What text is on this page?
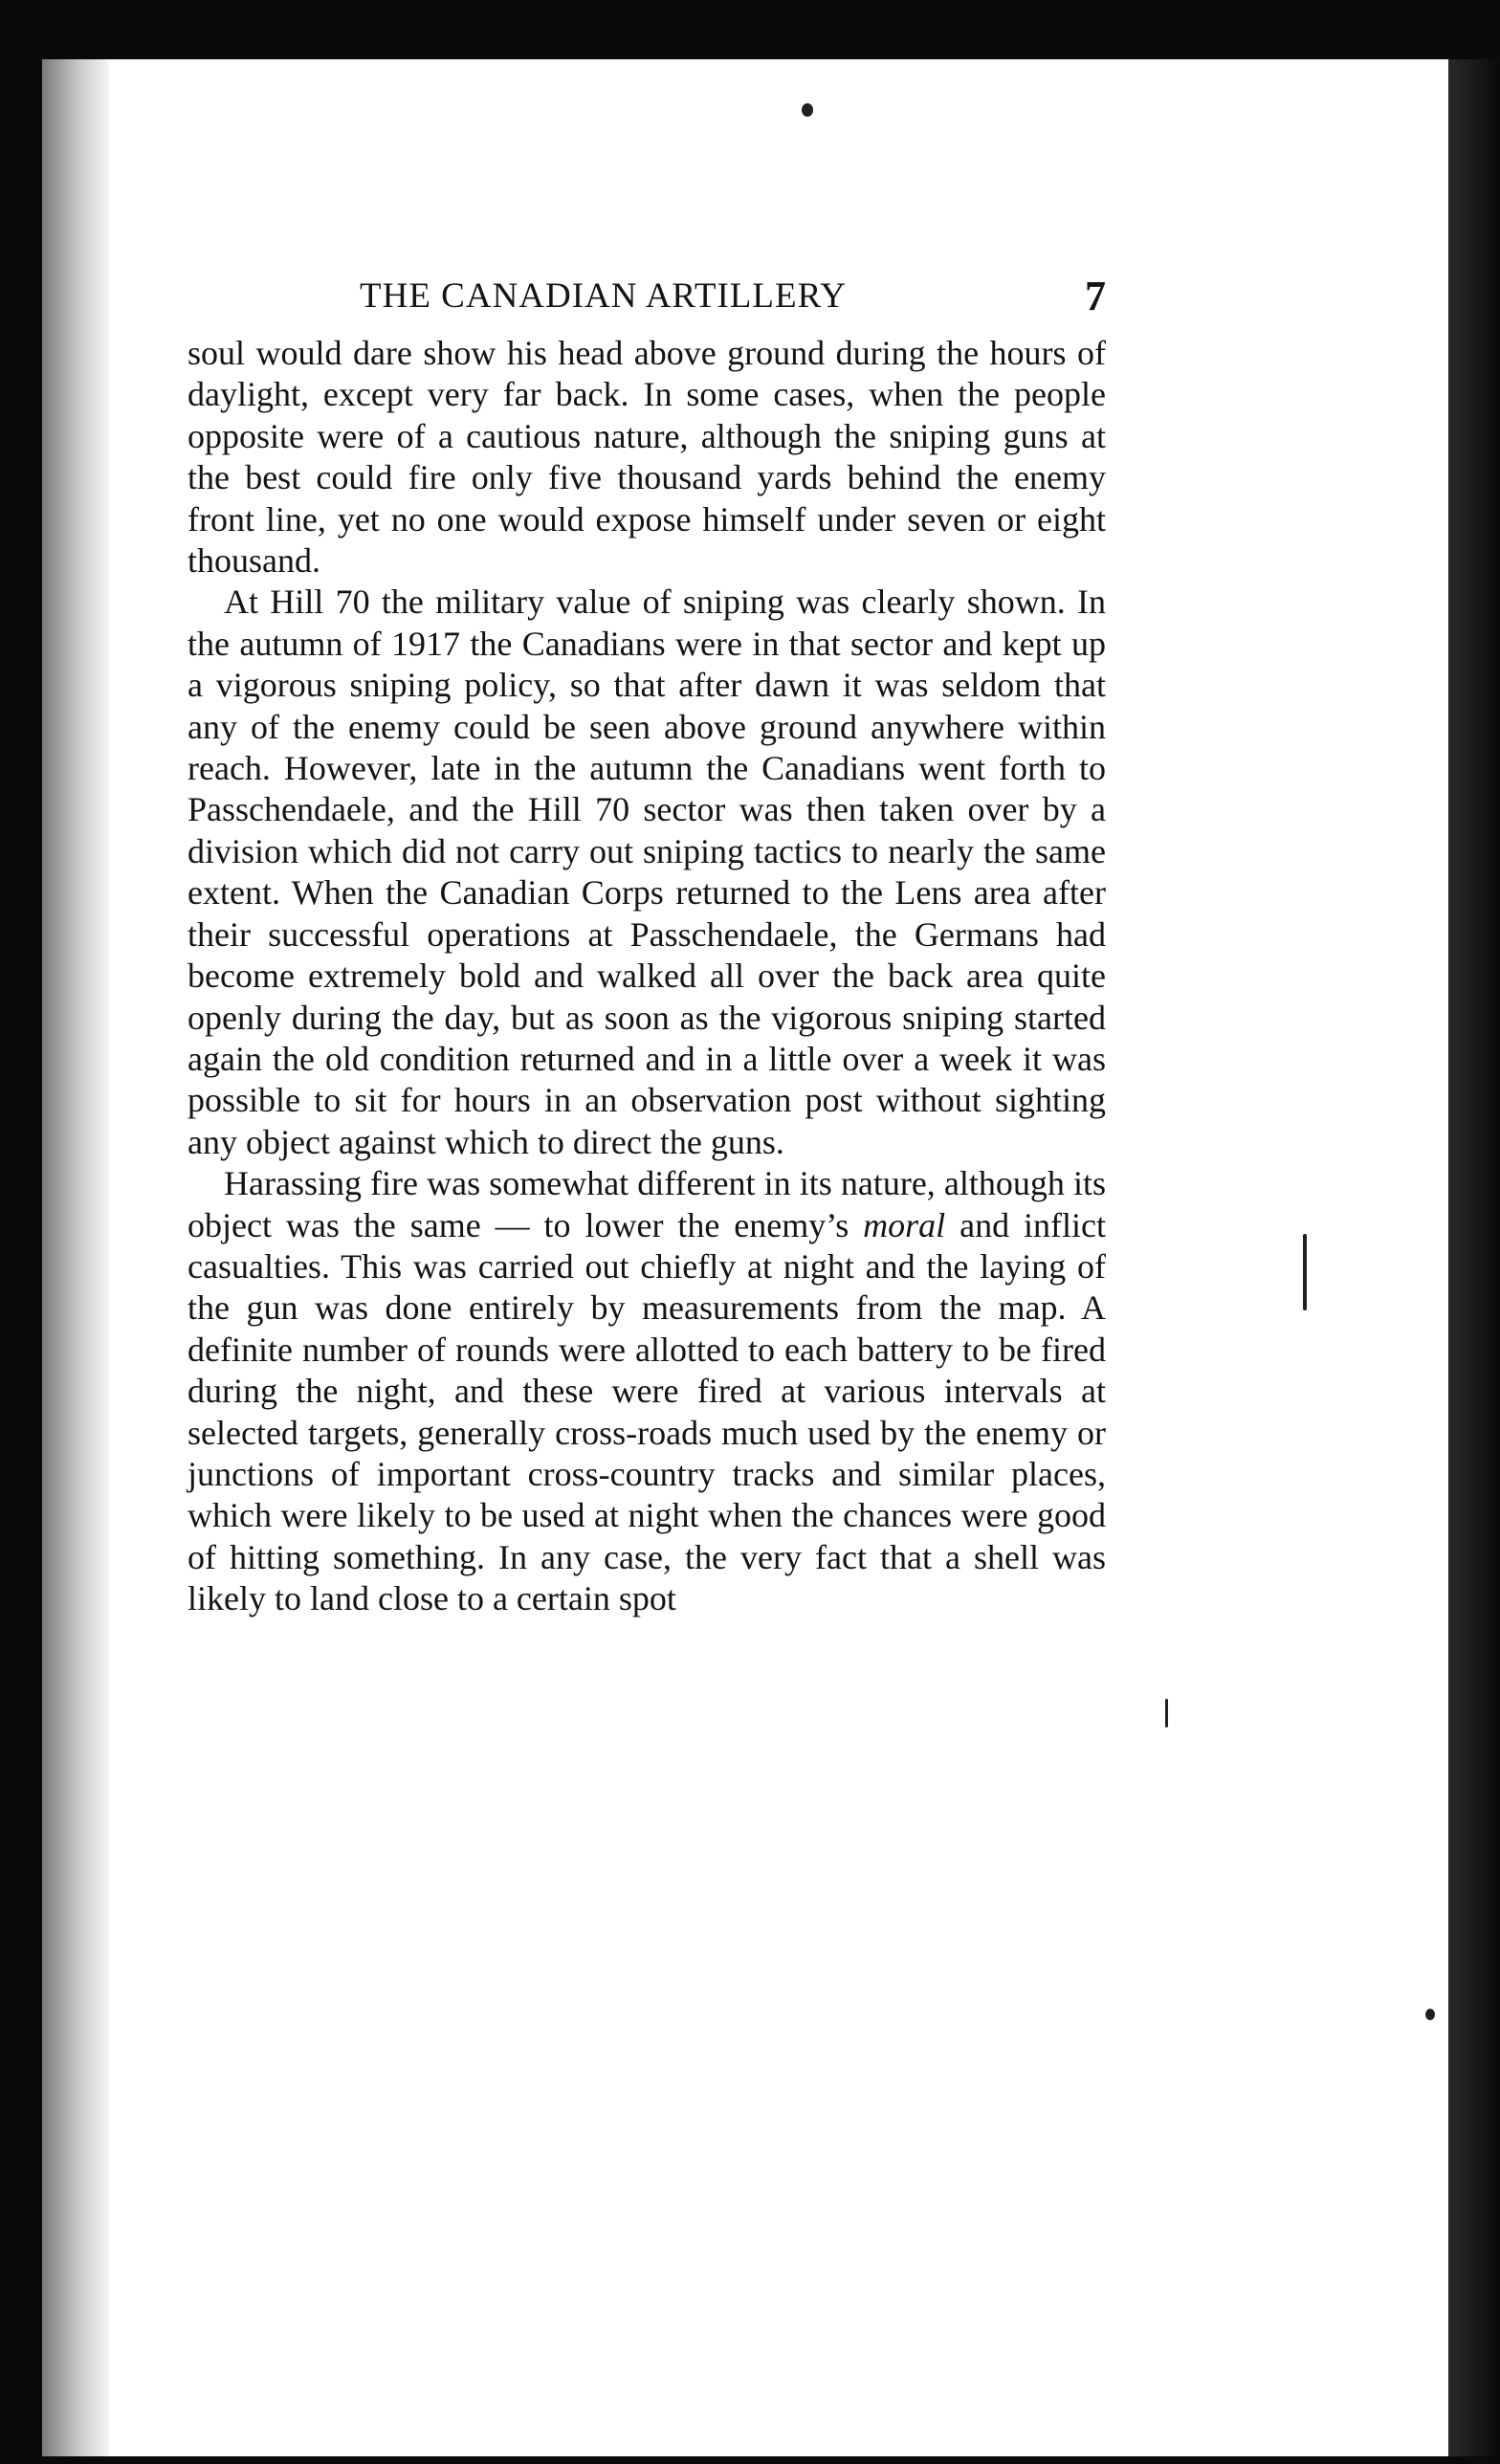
THE CANADIAN ARTILLERY	7

soul would dare show his head above ground during the hours of daylight, except very far back. In some cases, when the people opposite were of a cautious nature, although the sniping guns at the best could fire only five thousand yards behind the enemy front line, yet no one would expose himself under seven or eight thousand.

At Hill 70 the military value of sniping was clearly shown. In the autumn of 1917 the Canadians were in that sector and kept up a vigorous sniping policy, so that after dawn it was seldom that any of the enemy could be seen above ground anywhere within reach. However, late in the autumn the Canadians went forth to Passchendaele, and the Hill 70 sector was then taken over by a division which did not carry out sniping tactics to nearly the same extent. When the Canadian Corps returned to the Lens area after their successful operations at Passchendaele, the Germans had become extremely bold and walked all over the back area quite openly during the day, but as soon as the vigorous sniping started again the old condition returned and in a little over a week it was possible to sit for hours in an observation post without sighting any object against which to direct the guns.

Harassing fire was somewhat different in its nature, although its object was the same — to lower the enemy’s moral and inflict casualties. This was carried out chiefly at night and the laying of the gun was done entirely by measurements from the map. A definite number of rounds were allotted to each battery to be fired during the night, and these were fired at various intervals at selected targets, generally cross-roads much used by the enemy or junctions of important cross-country tracks and similar places, which were likely to be used at night when the chances were good of hitting something. In any case, the very fact that a shell was likely to land close to a certain spot
